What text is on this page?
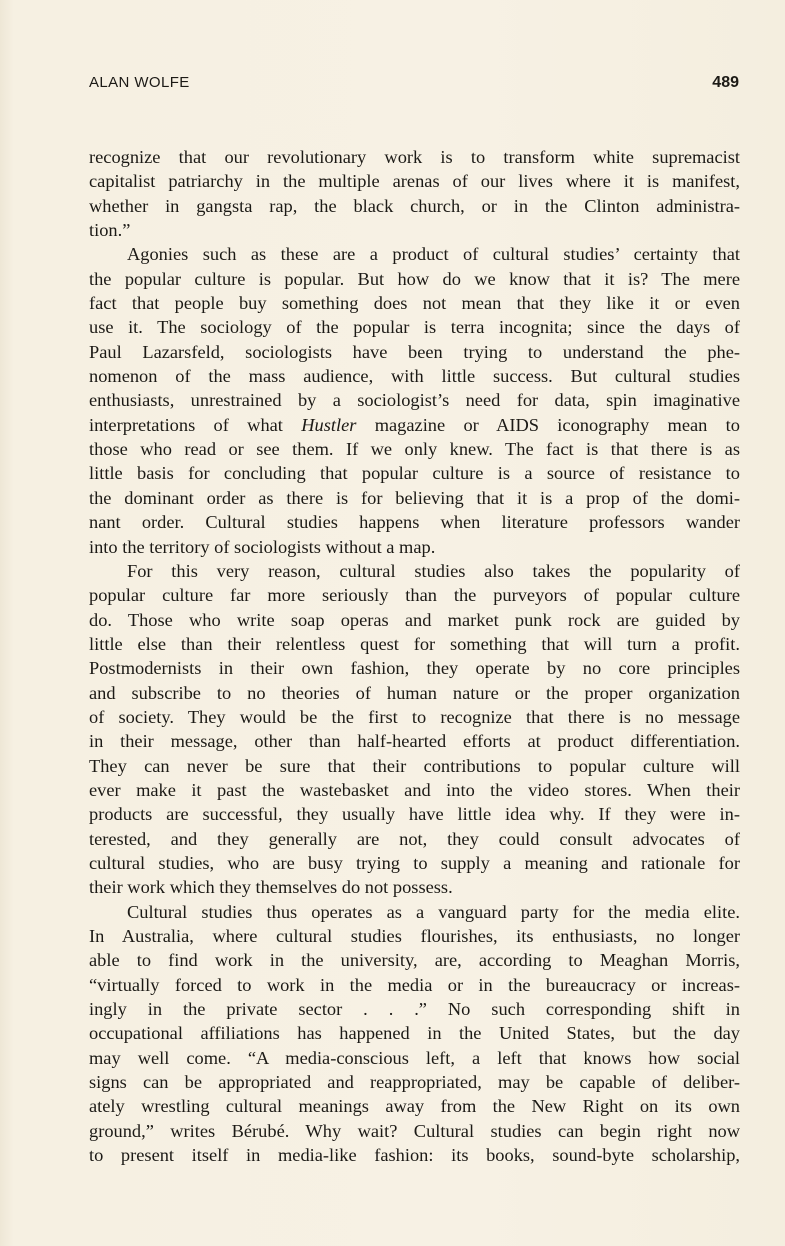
ALAN WOLFE	489
recognize that our revolutionary work is to transform white supremacist
capitalist patriarchy in the multiple arenas of our lives where it is manifest,
whether in gangsta rap, the black church, or in the Clinton administra-
tion.”
Agonies such as these are a product of cultural studies’ certainty that
the popular culture is popular. But how do we know that it is? The mere
fact that people buy something does not mean that they like it or even
use it. The sociology of the popular is terra incognita; since the days of
Paul Lazarsfeld, sociologists have been trying to understand the phe-
nomenon of the mass audience, with little success. But cultural studies
enthusiasts, unrestrained by a sociologist’s need for data, spin imaginative
interpretations of what Hustler magazine or AIDS iconography mean to
those who read or see them. If we only knew. The fact is that there is as
little basis for concluding that popular culture is a source of resistance to
the dominant order as there is for believing that it is a prop of the domi-
nant order. Cultural studies happens when literature professors wander
into the territory of sociologists without a map.
For this very reason, cultural studies also takes the popularity of
popular culture far more seriously than the purveyors of popular culture
do. Those who write soap operas and market punk rock are guided by
little else than their relentless quest for something that will turn a profit.
Postmodernists in their own fashion, they operate by no core principles
and subscribe to no theories of human nature or the proper organization
of society. They would be the first to recognize that there is no message
in their message, other than half-hearted efforts at product differentiation.
They can never be sure that their contributions to popular culture will
ever make it past the wastebasket and into the video stores. When their
products are successful, they usually have little idea why. If they were in-
terested, and they generally are not, they could consult advocates of
cultural studies, who are busy trying to supply a meaning and rationale for
their work which they themselves do not possess.
Cultural studies thus operates as a vanguard party for the media elite.
In Australia, where cultural studies flourishes, its enthusiasts, no longer
able to find work in the university, are, according to Meaghan Morris,
“virtually forced to work in the media or in the bureaucracy or increas-
ingly in the private sector . . .” No such corresponding shift in
occupational affiliations has happened in the United States, but the day
may well come. “A media-conscious left, a left that knows how social
signs can be appropriated and reappropriated, may be capable of deliber-
ately wrestling cultural meanings away from the New Right on its own
ground,” writes Bérubé. Why wait? Cultural studies can begin right now
to present itself in media-like fashion: its books, sound-byte scholarship,
